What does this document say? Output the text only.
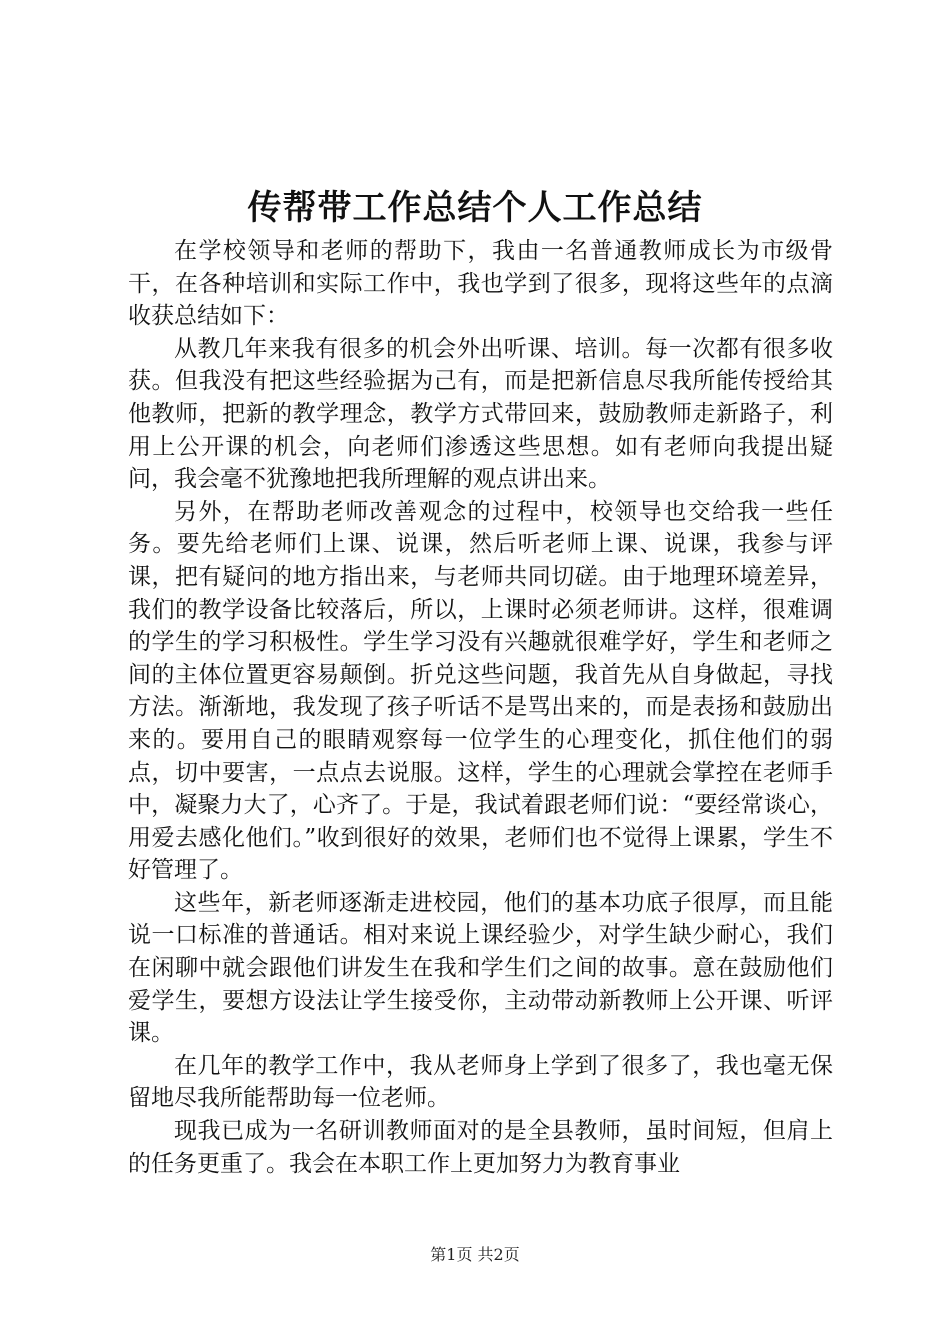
传帮带工作总结个人工作总结

在学校领导和老师的帮助下，我由一名普通教师成长为市级骨干，在各种培训和实际工作中，我也学到了很多，现将这些年的点滴收获总结如下：

从教几年来我有很多的机会外出听课、培训。每一次都有很多收获。但我没有把这些经验据为己有，而是把新信息尽我所能传授给其他教师，把新的教学理念，教学方式带回来，鼓励教师走新路子，利用上公开课的机会，向老师们渗透这些思想。如有老师向我提出疑问，我会毫不犹豫地把我所理解的观点讲出来。

另外，在帮助老师改善观念的过程中，校领导也交给我一些任务。要先给老师们上课、说课，然后听老师上课、说课，我参与评课，把有疑问的地方指出来，与老师共同切磋。由于地理环境差异，我们的教学设备比较落后，所以，上课时必须老师讲。这样，很难调的学生的学习积极性。学生学习没有兴趣就很难学好，学生和老师之间的主体位置更容易颠倒。折兑这些问题，我首先从自身做起，寻找方法。渐渐地，我发现了孩子听话不是骂出来的，而是表扬和鼓励出来的。要用自己的眼睛观察每一位学生的心理变化，抓住他们的弱点，切中要害，一点点去说服。这样，学生的心理就会掌控在老师手中，凝聚力大了，心齐了。于是，我试着跟老师们说：“要经常谈心，用爱去感化他们。”收到很好的效果，老师们也不觉得上课累，学生不好管理了。

这些年，新老师逐渐走进校园，他们的基本功底子很厚，而且能说一口标准的普通话。相对来说上课经验少，对学生缺少耐心，我们在闲聊中就会跟他们讲发生在我和学生们之间的故事。意在鼓励他们爱学生，要想方设法让学生接受你，主动带动新教师上公开课、听评课。

在几年的教学工作中，我从老师身上学到了很多了，我也毫无保留地尽我所能帮助每一位老师。

现我已成为一名研训教师面对的是全县教师，虽时间短，但肩上的任务更重了。我会在本职工作上更加努力为教育事业

第1页 共2页
